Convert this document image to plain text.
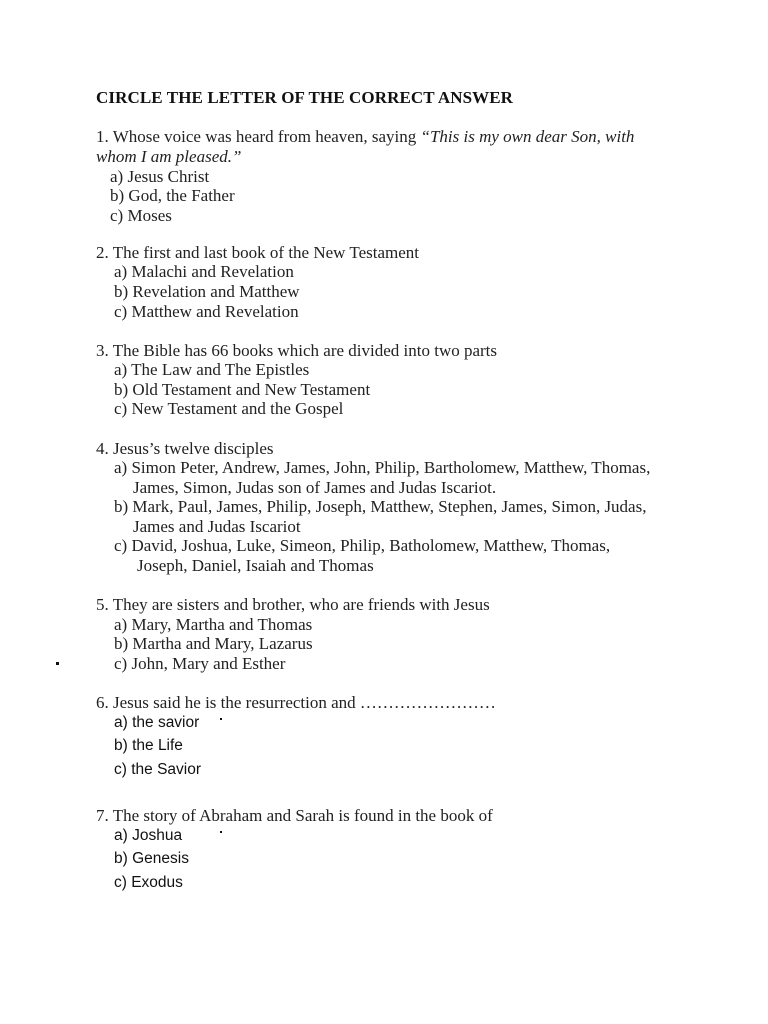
CIRCLE THE LETTER OF THE CORRECT ANSWER
1. Whose voice was heard from heaven, saying “This is my own dear Son, with
whom I am pleased.”
a) Jesus Christ
b) God, the Father
c) Moses
2. The first and last book of the New Testament
a) Malachi and Revelation
b) Revelation and Matthew
c) Matthew and Revelation
3. The Bible has 66 books which are divided into two parts
a) The Law and The Epistles
b) Old Testament and New Testament
c) New Testament and the Gospel
4. Jesus’s twelve disciples
a) Simon Peter, Andrew, James, John, Philip, Bartholomew, Matthew, Thomas,
James, Simon, Judas son of James and Judas Iscariot.
b) Mark, Paul, James, Philip, Joseph, Matthew, Stephen, James, Simon, Judas,
James and Judas Iscariot
c) David, Joshua, Luke, Simeon, Philip, Batholomew, Matthew, Thomas,
Joseph, Daniel, Isaiah and Thomas
5. They are sisters and brother, who are friends with Jesus
a) Mary, Martha and Thomas
b) Martha and Mary, Lazarus
c) John, Mary and Esther
6. Jesus said he is the resurrection and ……………………
a) the savior
b) the Life
c) the Savior
7. The story of Abraham and Sarah is found in the book of
a) Joshua
b) Genesis
c) Exodus
